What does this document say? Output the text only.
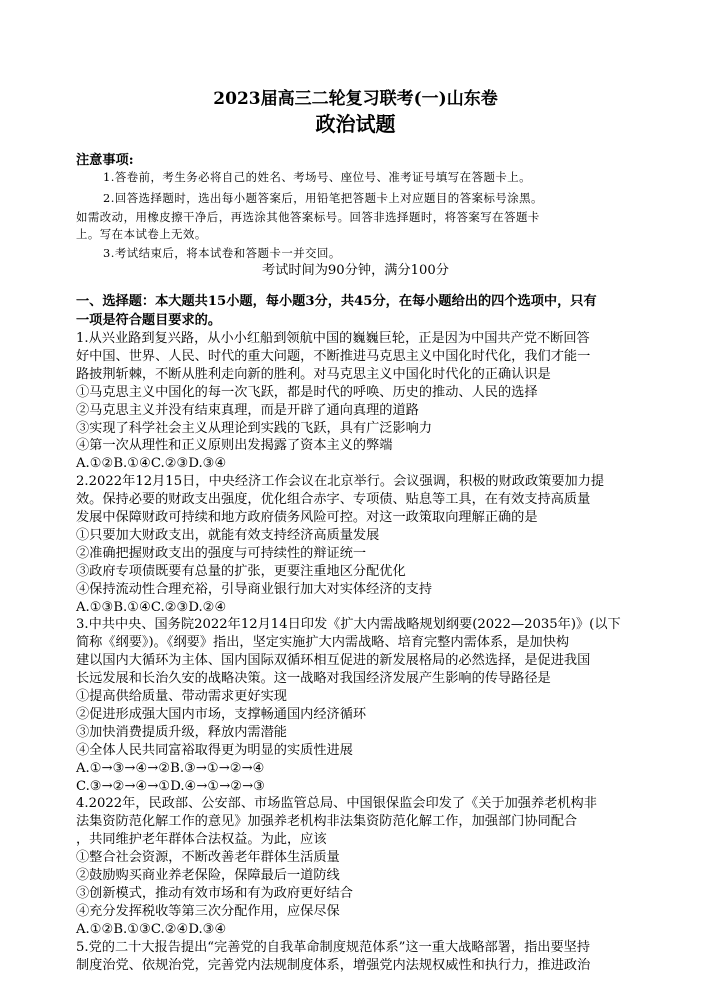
2023届高三二轮复习联考(一)山东卷
政治试题
注意事项:
1.答卷前，考生务必将自己的姓名、考场号、座位号、准考证号填写在答题卡上。
2.回答选择题时，选出每小题答案后，用铅笔把答题卡上对应题目的答案标号涂黑。
如需改动，用橡皮擦干净后，再选涂其他答案标号。回答非选择题时，将答案写在答题卡
上。写在本试卷上无效。
3.考试结束后，将本试卷和答题卡一并交回。
考试时间为90分钟，满分100分
一、选择题：本大题共15小题，每小题3分，共45分，在每小题给出的四个选项中，只有
一项是符合题目要求的。
1.从兴业路到复兴路，从小小红船到领航中国的巍巍巨轮，正是因为中国共产党不断回答
好中国、世界、人民、时代的重大问题，不断推进马克思主义中国化时代化，我们才能一
路披荆斩棘，不断从胜利走向新的胜利。对马克思主义中国化时代化的正确认识是
①马克思主义中国化的每一次飞跃，都是时代的呼唤、历史的推动、人民的选择
②马克思主义并没有结束真理，而是开辟了通向真理的道路
③实现了科学社会主义从理论到实践的飞跃，具有广泛影响力
④第一次从理性和正义原则出发揭露了资本主义的弊端
A.①②B.①④C.②③D.③④
2.2022年12月15日，中央经济工作会议在北京举行。会议强调，积极的财政政策要加力提
效。保持必要的财政支出强度，优化组合赤字、专项债、贴息等工具，在有效支持高质量
发展中保障财政可持续和地方政府债务风险可控。对这一政策取向理解正确的是
①只要加大财政支出，就能有效支持经济高质量发展
②准确把握财政支出的强度与可持续性的辩证统一
③政府专项债既要有总量的扩张，更要注重地区分配优化
④保持流动性合理充裕，引导商业银行加大对实体经济的支持
A.①③B.①④C.②③D.②④
3.中共中央、国务院2022年12月14日印发《扩大内需战略规划纲要(2022—2035年)》(以下
简称《纲要》)。《纲要》指出，坚定实施扩大内需战略、培育完整内需体系，是加快构
建以国内大循环为主体、国内国际双循环相互促进的新发展格局的必然选择，是促进我国
长远发展和长治久安的战略决策。这一战略对我国经济发展产生影响的传导路径是
①提高供给质量、带动需求更好实现
②促进形成强大国内市场，支撑畅通国内经济循环
③加快消费提质升级，释放内需潜能
④全体人民共同富裕取得更为明显的实质性进展
A.①→③→④→②B.③→①→②→④
C.③→②→④→①D.④→①→②→③
4.2022年，民政部、公安部、市场监管总局、中国银保监会印发了《关于加强养老机构非
法集资防范化解工作的意见》加强养老机构非法集资防范化解工作，加强部门协同配合
，共同维护老年群体合法权益。为此，应该
①整合社会资源，不断改善老年群体生活质量
②鼓励购买商业养老保险，保障最后一道防线
③创新模式，推动有效市场和有为政府更好结合
④充分发挥税收等第三次分配作用，应保尽保
A.①②B.①③C.②④D.③④
5.党的二十大报告提出“完善党的自我革命制度规范体系”这一重大战略部署，指出要坚持
制度治党、依规治党，完善党内法规制度体系，增强党内法规权威性和执行力，推进政治
